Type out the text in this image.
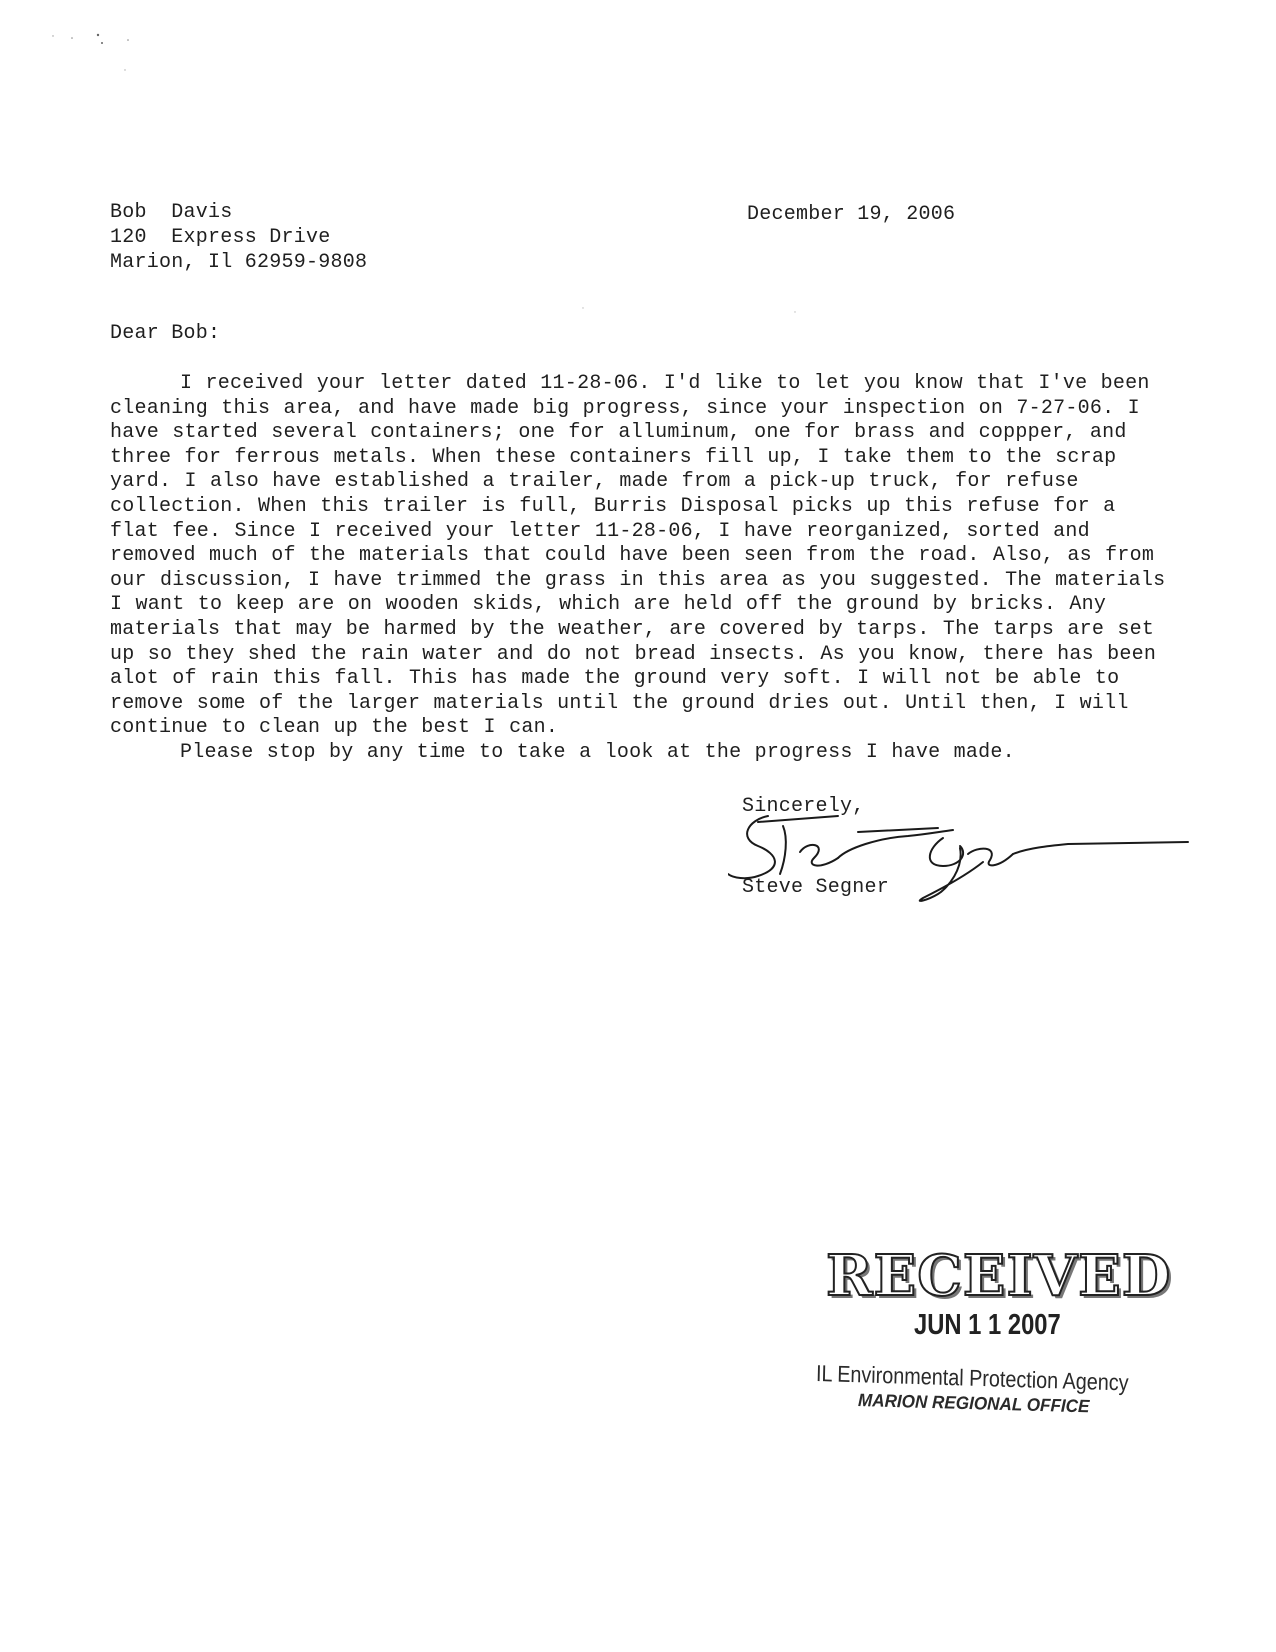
Bob  Davis
120  Express Drive
Marion, Il 62959-9808
December 19, 2006
Dear Bob:

I received your letter dated 11-28-06. I'd like to let you know that I've been cleaning this area, and have made big progress, since your inspection on 7-27-06. I have started several containers; one for alluminum, one for brass and coppper, and three for ferrous metals. When these containers fill up, I take them to the scrap yard. I also have established a trailer, made from a pick-up truck, for refuse collection. When this trailer is full, Burris Disposal picks up this refuse for a flat fee. Since I received your letter 11-28-06, I have reorganized, sorted and removed much of the materials that could have been seen from the road. Also, as from our discussion, I have trimmed the grass in this area as you suggested. The materials I want to keep are on wooden skids, which are held off the ground by bricks. Any materials that may be harmed by the weather, are covered by tarps. The tarps are set up so they shed the rain water and do not bread insects. As you know, there has been alot of rain this fall. This has made the ground very soft. I will not be able to remove some of the larger materials until the ground dries out. Until then, I will continue to clean up the best I can.

Please stop by any time to take a look at the progress I have made.

Sincerely,
Steve Segner
RECEIVED
JUN 1 1 2007
IL Environmental Protection Agency
MARION REGIONAL OFFICE
